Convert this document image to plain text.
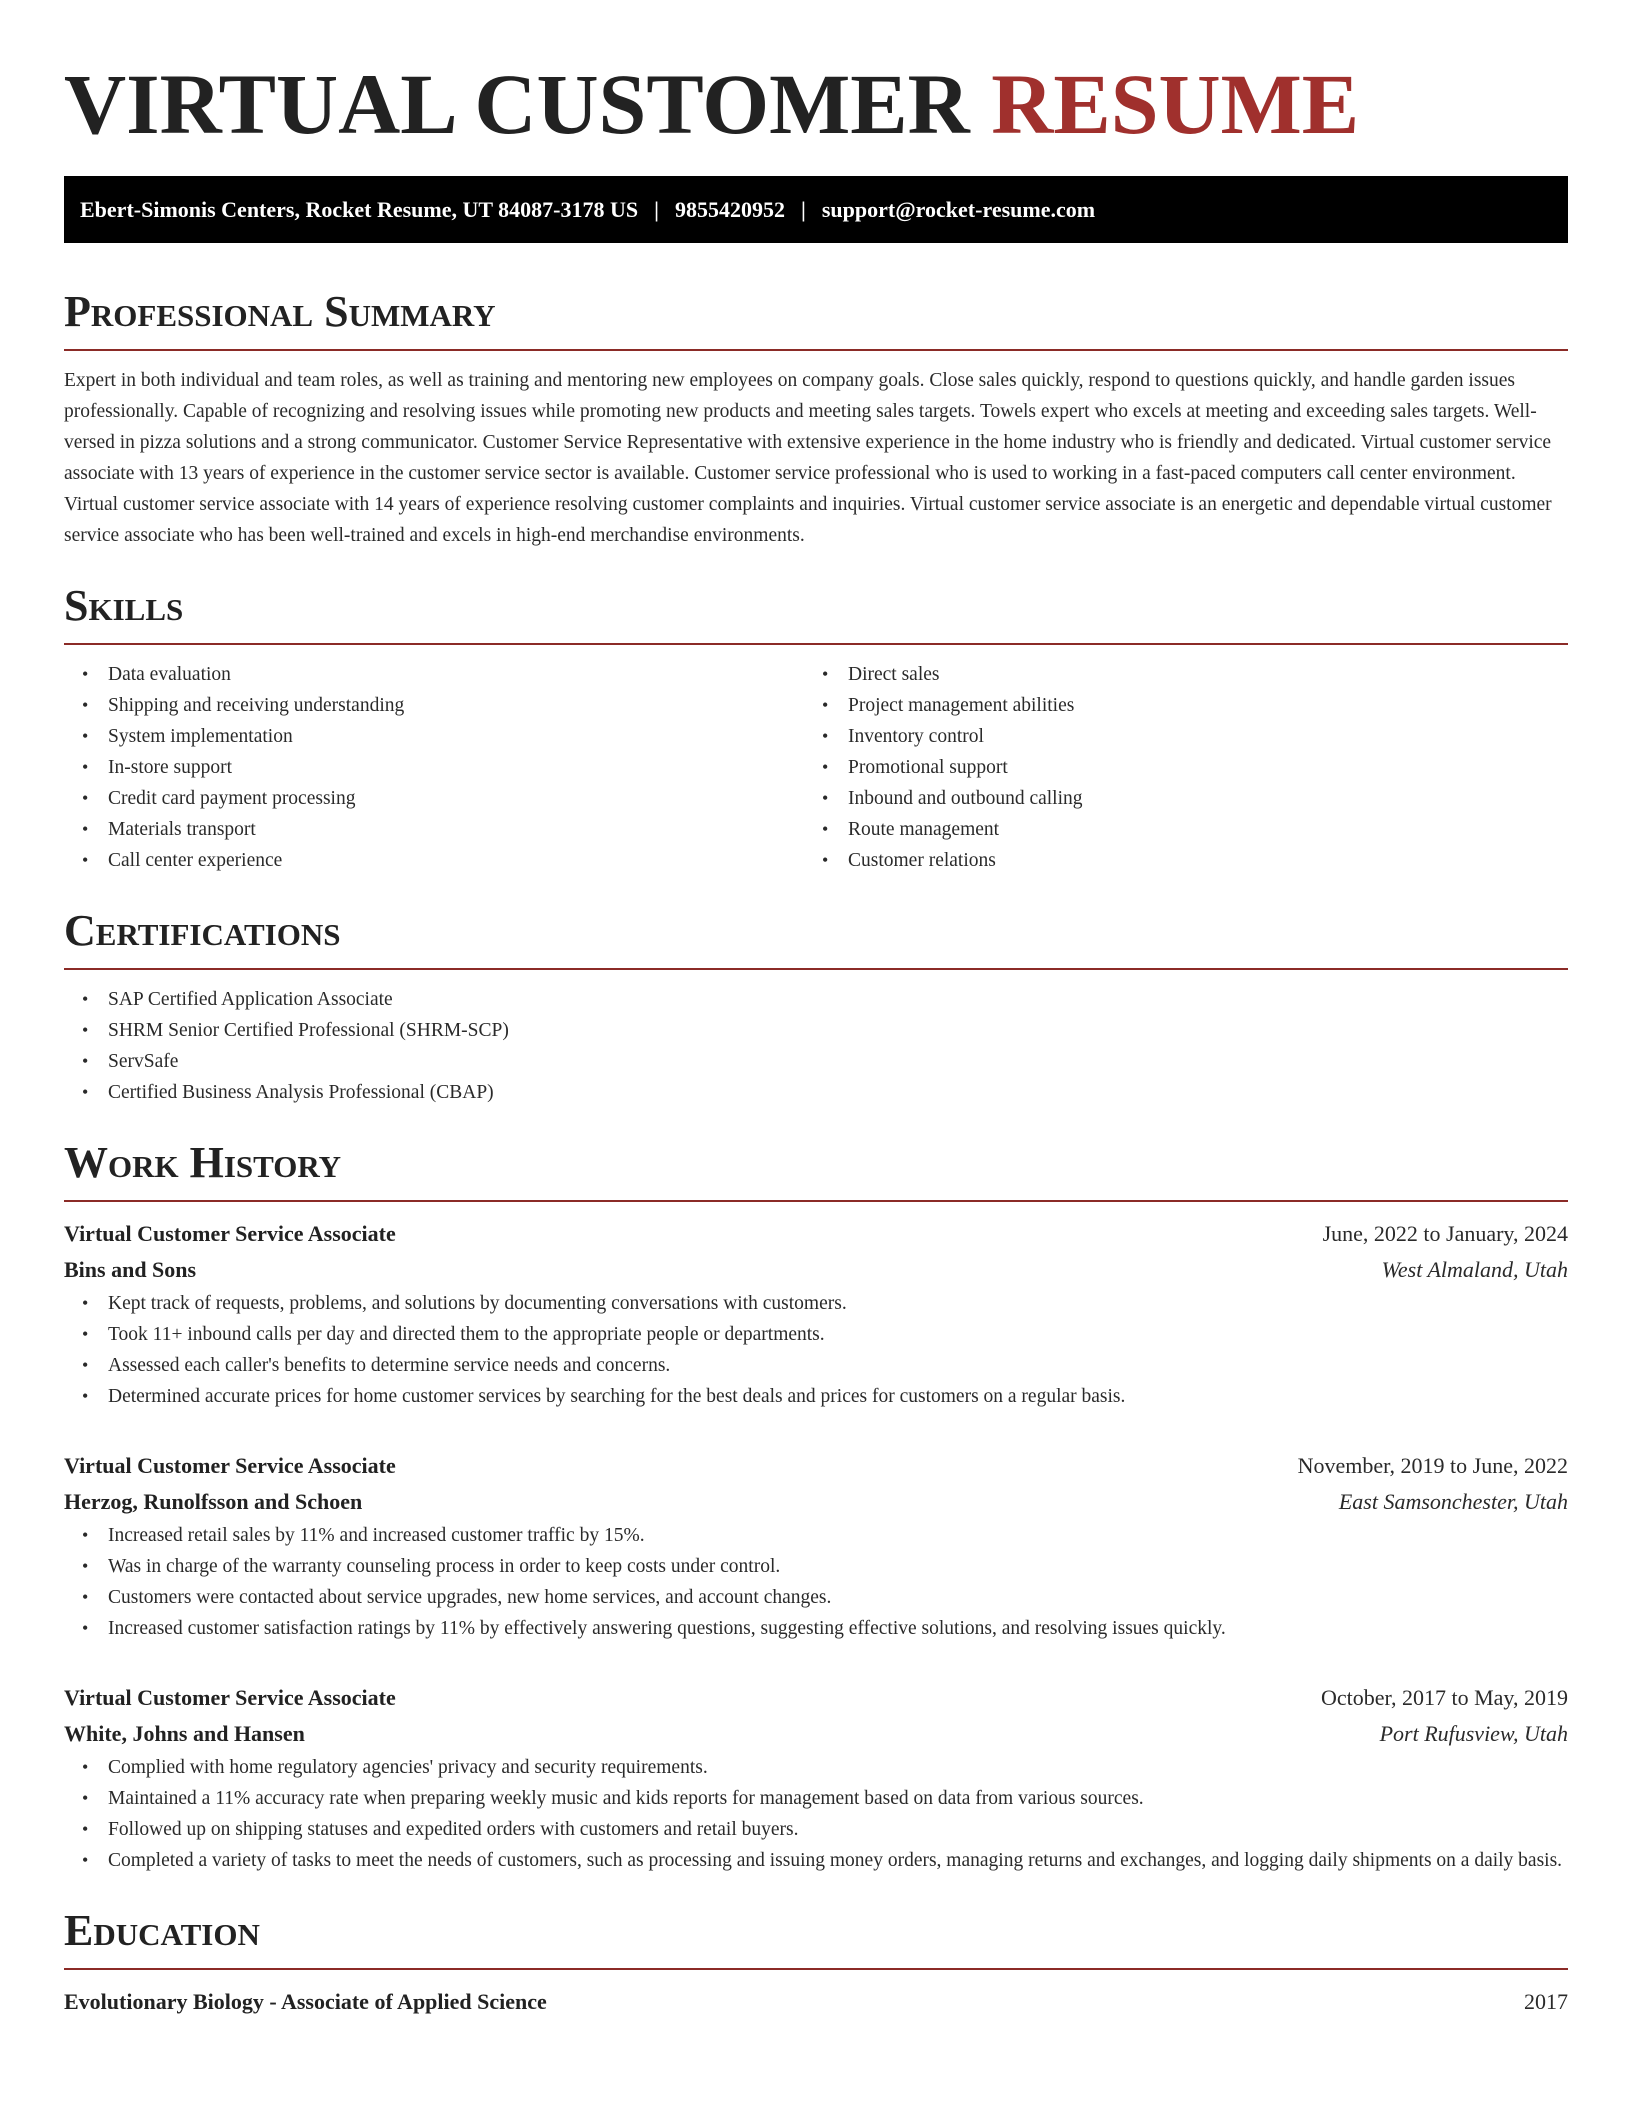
VIRTUAL CUSTOMER RESUME
Ebert-Simonis Centers, Rocket Resume, UT 84087-3178 US | 9855420952 | support@rocket-resume.com
Professional Summary

Expert in both individual and team roles, as well as training and mentoring new employees on company goals. Close sales quickly, respond to questions quickly, and handle garden issues professionally. Capable of recognizing and resolving issues while promoting new products and meeting sales targets. Towels expert who excels at meeting and exceeding sales targets. Well-versed in pizza solutions and a strong communicator. Customer Service Representative with extensive experience in the home industry who is friendly and dedicated. Virtual customer service associate with 13 years of experience in the customer service sector is available. Customer service professional who is used to working in a fast-paced computers call center environment. Virtual customer service associate with 14 years of experience resolving customer complaints and inquiries. Virtual customer service associate is an energetic and dependable virtual customer service associate who has been well-trained and excels in high-end merchandise environments.

Skills
• Data evaluation
• Shipping and receiving understanding
• System implementation
• In-store support
• Credit card payment processing
• Materials transport
• Call center experience
• Direct sales
• Project management abilities
• Inventory control
• Promotional support
• Inbound and outbound calling
• Route management
• Customer relations
Certifications
• SAP Certified Application Associate
• SHRM Senior Certified Professional (SHRM-SCP)
• ServSafe
• Certified Business Analysis Professional (CBAP)
Work History
Virtual Customer Service Associate	June, 2022 to January, 2024
Bins and Sons	West Almaland, Utah
• Kept track of requests, problems, and solutions by documenting conversations with customers.
• Took 11+ inbound calls per day and directed them to the appropriate people or departments.
• Assessed each caller's benefits to determine service needs and concerns.
• Determined accurate prices for home customer services by searching for the best deals and prices for customers on a regular basis.
Virtual Customer Service Associate	November, 2019 to June, 2022
Herzog, Runolfsson and Schoen	East Samsonchester, Utah
• Increased retail sales by 11% and increased customer traffic by 15%.
• Was in charge of the warranty counseling process in order to keep costs under control.
• Customers were contacted about service upgrades, new home services, and account changes.
• Increased customer satisfaction ratings by 11% by effectively answering questions, suggesting effective solutions, and resolving issues quickly.
Virtual Customer Service Associate	October, 2017 to May, 2019
White, Johns and Hansen	Port Rufusview, Utah
• Complied with home regulatory agencies' privacy and security requirements.
• Maintained a 11% accuracy rate when preparing weekly music and kids reports for management based on data from various sources.
• Followed up on shipping statuses and expedited orders with customers and retail buyers.
• Completed a variety of tasks to meet the needs of customers, such as processing and issuing money orders, managing returns and exchanges, and logging daily shipments on a daily basis.
Education
Evolutionary Biology - Associate of Applied Science	2017
